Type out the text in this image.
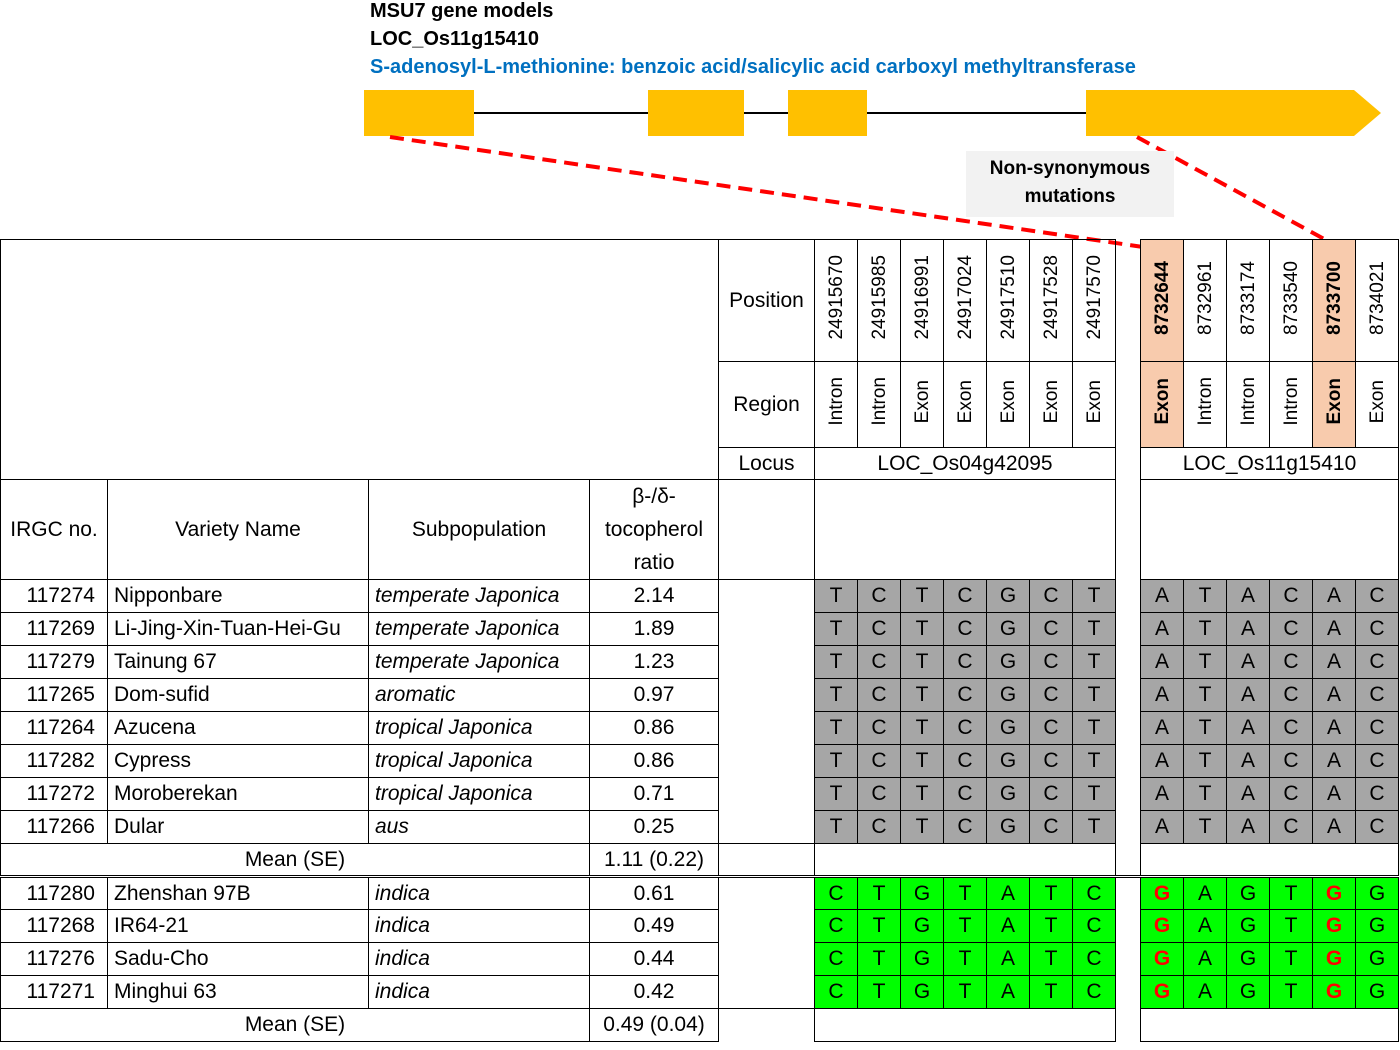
MSU7 gene models
LOC_Os11g15410
S-adenosyl-L-methionine: benzoic acid/salicylic acid carboxyl methyltransferase
Non-synonymous mutations
				Position	24915670	24915985	24916991	24917024	24917510	24917528	24917570		8732644	8732961	8733174	8733540	8733700	8734021
				Region	Intron	Intron	Exon	Exon	Exon	Exon	Exon		Exon	Intron	Intron	Intron	Exon	Exon
				Locus	LOC_Os04g42095								LOC_Os11g15410					
IRGC no.	Variety Name	Subpopulation	β-/δ-tocopherol ratio															
117274	Nipponbare	temperate Japonica	2.14		T	C	T	C	G	C	T		A	T	A	C	A	C
117269	Li-Jing-Xin-Tuan-Hei-Gu	temperate Japonica	1.89		T	C	T	C	G	C	T		A	T	A	C	A	C
117279	Tainung 67	temperate Japonica	1.23		T	C	T	C	G	C	T		A	T	A	C	A	C
117265	Dom-sufid	aromatic	0.97		T	C	T	C	G	C	T		A	T	A	C	A	C
117264	Azucena	tropical Japonica	0.86		T	C	T	C	G	C	T		A	T	A	C	A	C
117282	Cypress	tropical Japonica	0.86		T	C	T	C	G	C	T		A	T	A	C	A	C
117272	Moroberekan	tropical Japonica	0.71		T	C	T	C	G	C	T		A	T	A	C	A	C
117266	Dular	aus	0.25		T	C	T	C	G	C	T		A	T	A	C	A	C
Mean (SE)			1.11 (0.22)															
117280	Zhenshan 97B	indica	0.61		C	T	G	T	A	T	C		G	A	G	T	G	G
117268	IR64-21	indica	0.49		C	T	G	T	A	T	C		G	A	G	T	G	G
117276	Sadu-Cho	indica	0.44		C	T	G	T	A	T	C		G	A	G	T	G	G
117271	Minghui 63	indica	0.42		C	T	G	T	A	T	C		G	A	G	T	G	G
Mean (SE)			0.49 (0.04)															
